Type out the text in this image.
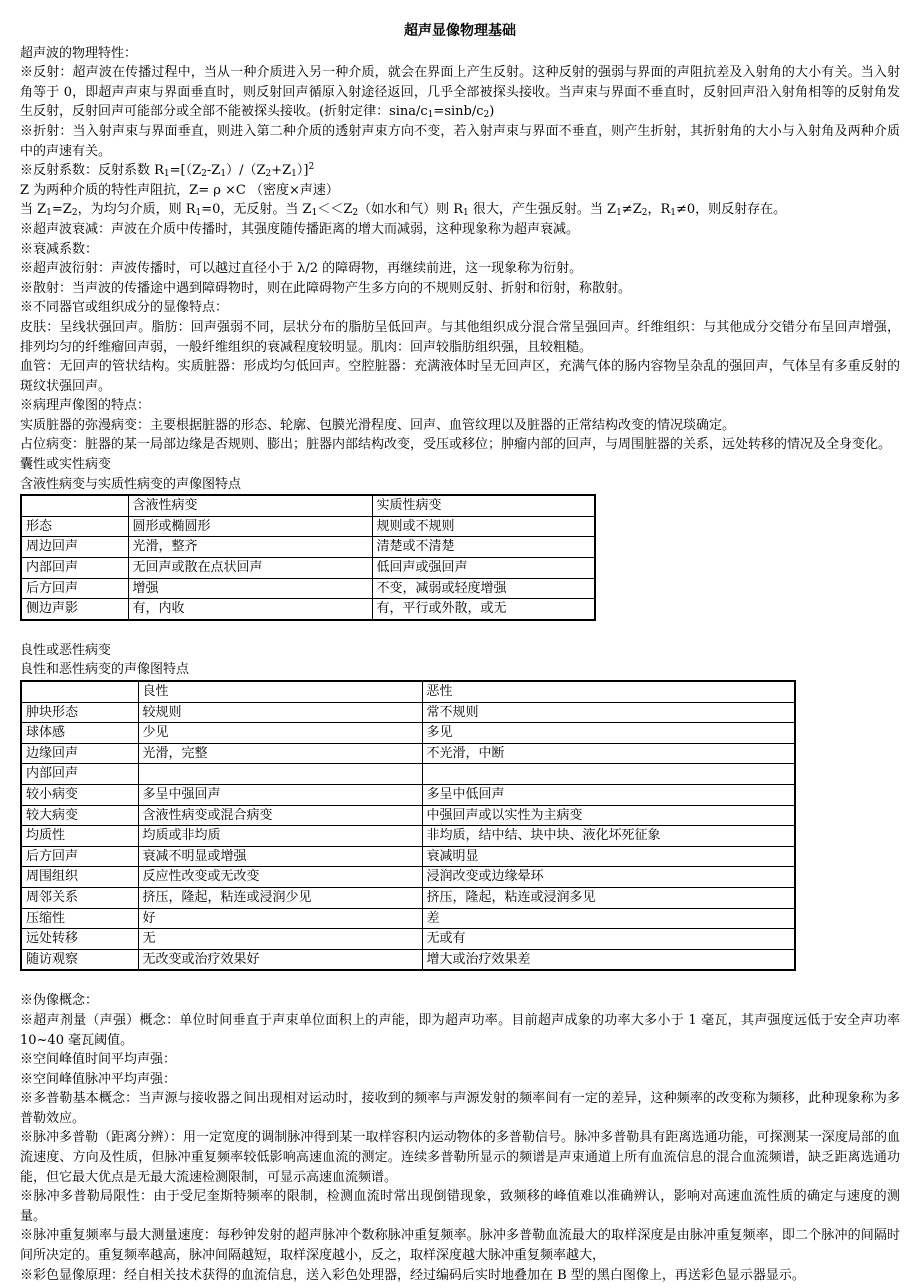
超声显像物理基础

超声波的物理特性：

※反射：超声波在传播过程中，当从一种介质进入另一种介质，就会在界面上产生反射。这种反射的强弱与界面的声阻抗差及入射角的大小有关。当入射角等于 0，即超声声束与界面垂直时，则反射回声循原入射途径返回，几乎全部被探头接收。当声束与界面不垂直时，反射回声沿入射角相等的反射角发生反射，反射回声可能部分或全部不能被探头接收。(折射定律：sina/$c_1=\sin b/c_2$)

※折射：当入射声束与界面垂直，则进入第二种介质的透射声束方向不变，若入射声束与界面不垂直，则产生折射，其折射角的大小与入射角及两种介质中的声速有关。

※反射系数：反射系数 $R_1=[(Z_2-Z_1)/(Z_2+Z_1)]^2$

Z 为两种介质的特性声阻抗，Z= ρ ×C （密度×声速）

当 $Z_1=Z_2$，为均匀介质，则 $R_1=0$，无反射。当 $Z_1<<Z_2$（如水和气）则 $R_1$ 很大，产生强反射。当 $Z_1\ne Z_2$，$R_1\ne 0$，则反射存在。

※超声波衰减：声波在介质中传播时，其强度随传播距离的增大而减弱，这种现象称为超声衰减。

※衰减系数：

※超声波衍射：声波传播时，可以越过直径小于 λ/2 的障碍物，再继续前进，这一现象称为衍射。

※散射：当声波的传播途中遇到障碍物时，则在此障碍物产生多方向的不规则反射、折射和衍射，称散射。

※不同器官或组织成分的显像特点：

皮肤：呈线状强回声。脂肪：回声强弱不同，层状分布的脂肪呈低回声。与其他组织成分混合常呈强回声。纤维组织：与其他成分交错分布呈回声增强，排列均匀的纤维瘤回声弱，一般纤维组织的衰减程度较明显。肌肉：回声较脂肪组织强，且较粗糙。

血管：无回声的管状结构。实质脏器：形成均匀低回声。空腔脏器：充满液体时呈无回声区，充满气体的肠内容物呈杂乱的强回声，气体呈有多重反射的斑纹状强回声。

※病理声像图的特点：

实质脏器的弥漫病变：主要根据脏器的形态、轮廓、包膜光滑程度、回声、血管纹理以及脏器的正常结构改变的情况琰确定。

占位病变：脏器的某一局部边缘是否规则、膨出；脏器内部结构改变，受压或移位；肿瘤内部的回声，与周围脏器的关系，远处转移的情况及全身变化。

囊性或实性病变

含液性病变与实质性病变的声像图特点

	含液性病变	实质性病变
形态	圆形或椭圆形	规则或不规则
周边回声	光滑，整齐	清楚或不清楚
内部回声	无回声或散在点状回声	低回声或强回声
后方回声	增强	不变，减弱或轻度增强
侧边声影	有，内收	有，平行或外散，或无

良性或恶性病变

良性和恶性病变的声像图特点

	良性	恶性
肿块形态	较规则	常不规则
球体感	少见	多见
边缘回声	光滑，完整	不光滑，中断
内部回声		
较小病变	多呈中强回声	多呈中低回声
较大病变	含液性病变或混合病变	中强回声或以实性为主病变
均质性	均质或非均质	非均质，结中结、块中块、液化坏死征象
后方回声	衰减不明显或增强	衰减明显
周围组织	反应性改变或无改变	浸润改变或边缘晕环
周邻关系	挤压，隆起，粘连或浸润少见	挤压，隆起，粘连或浸润多见
压缩性	好	差
远处转移	无	无或有
随访观察	无改变或治疗效果好	增大或治疗效果差

※伪像概念：

※超声剂量（声强）概念：单位时间垂直于声束单位面积上的声能，即为超声功率。目前超声成象的功率大多小于 1 毫瓦，其声强度远低于安全声功率 10~40 毫瓦阈值。

※空间峰值时间平均声强：

※空间峰值脉冲平均声强：

※多普勒基本概念：当声源与接收器之间出现相对运动时，接收到的频率与声源发射的频率间有一定的差异，这种频率的改变称为频移，此种现象称为多普勒效应。

※脉冲多普勒（距离分辨）：用一定宽度的调制脉冲得到某一取样容积内运动物体的多普勒信号。脉冲多普勒具有距离选通功能，可探测某一深度局部的血流速度、方向及性质，但脉冲重复频率较低影响高速血流的测定。连续多普勒所显示的频谱是声束通道上所有血流信息的混合血流频谱，缺乏距离选通功能，但它最大优点是无最大流速检测限制，可显示高速血流频谱。

※脉冲多普勒局限性：由于受尼奎斯特频率的限制，检测血流时常出现倒错现象，致频移的峰值难以准确辨认，影响对高速血流性质的确定与速度的测量。

※脉冲重复频率与最大测量速度：每秒钟发射的超声脉冲个数称脉冲重复频率。脉冲多普勒血流最大的取样深度是由脉冲重复频率，即二个脉冲的间隔时间所决定的。重复频率越高，脉冲间隔越短，取样深度越小，反之，取样深度越大脉冲重复频率越大，

※彩色显像原理：经自相关技术获得的血流信息，送入彩色处理器，经过编码后实时地叠加在 B 型的黑白图像上，再送彩色显示器显示。
